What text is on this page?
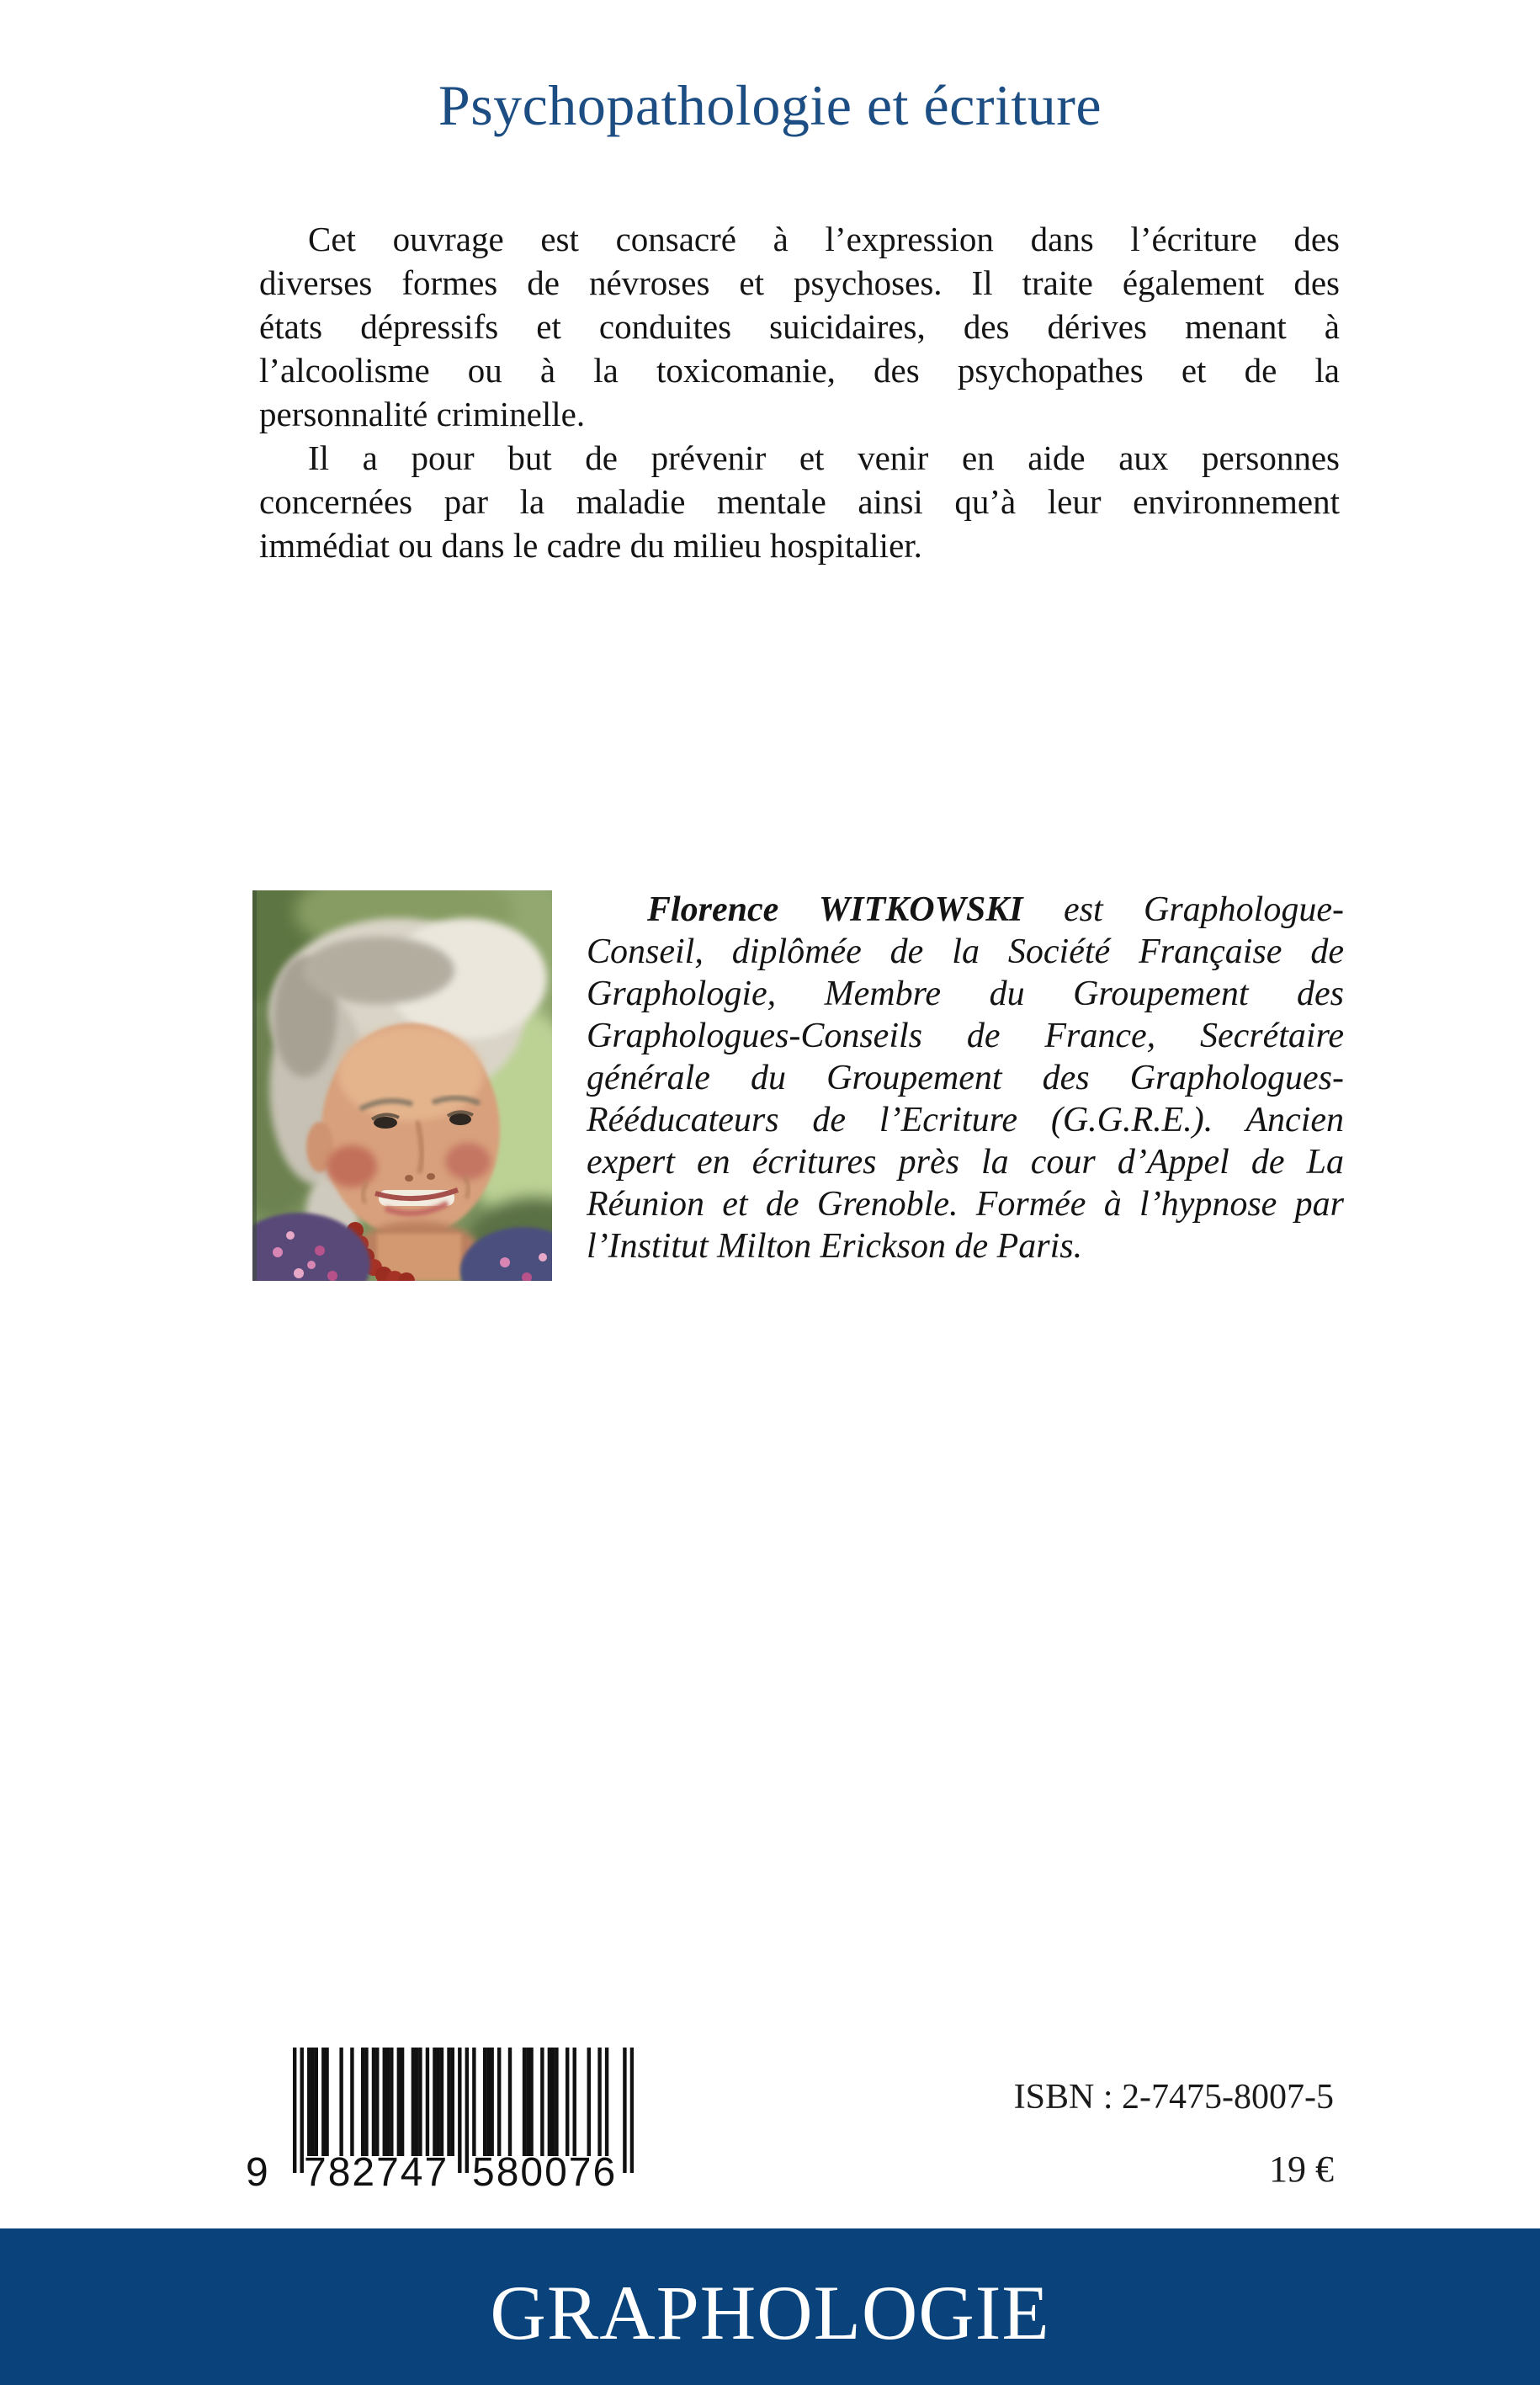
Psychopathologie et écriture
Cet ouvrage est consacré à l’expression dans l’écriture des
diverses formes de névroses et psychoses. Il traite également des
états dépressifs et conduites suicidaires, des dérives menant à
l’alcoolisme ou à la toxicomanie, des psychopathes et de la
personnalité criminelle.
Il a pour but de prévenir et venir en aide aux personnes
concernées par la maladie mentale ainsi qu’à leur environnement
immédiat ou dans le cadre du milieu hospitalier.
Florence WITKOWSKI est Graphologue-
Conseil, diplômée de la Société Française de
Graphologie, Membre du Groupement des
Graphologues-Conseils de France, Secrétaire
générale du Groupement des Graphologues-
Rééducateurs de l’Ecriture (G.G.R.E.). Ancien
expert en écritures près la cour d’Appel de La
Réunion et de Grenoble. Formée à l’hypnose par
l’Institut Milton Erickson de Paris.
9 782747 580076
ISBN : 2-7475-8007-5
19 €
GRAPHOLOGIE
